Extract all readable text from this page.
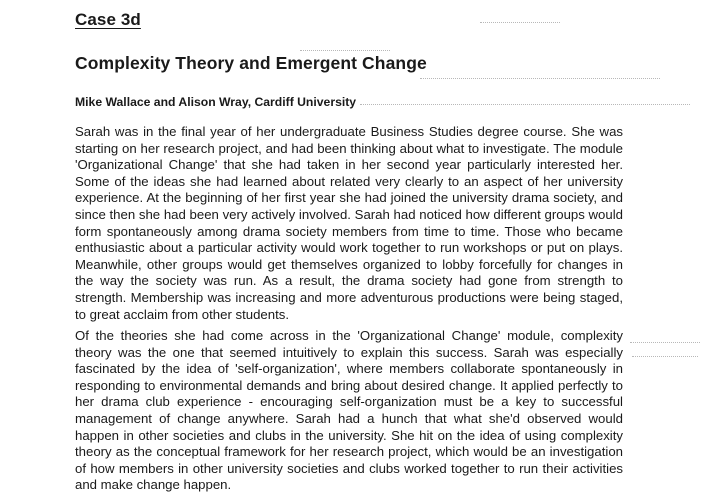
Case 3d
Complexity Theory and Emergent Change
Mike Wallace and Alison Wray, Cardiff University

Sarah was in the final year of her undergraduate Business Studies degree course. She was starting on her research project, and had been thinking about what to investigate. The module 'Organizational Change' that she had taken in her second year particularly interested her. Some of the ideas she had learned about related very clearly to an aspect of her university experience. At the beginning of her first year she had joined the university drama society, and since then she had been very actively involved. Sarah had noticed how different groups would form spontaneously among drama society members from time to time. Those who became enthusiastic about a particular activity would work together to run workshops or put on plays. Meanwhile, other groups would get themselves organized to lobby forcefully for changes in the way the society was run. As a result, the drama society had gone from strength to strength. Membership was increasing and more adventurous productions were being staged, to great acclaim from other students.

Of the theories she had come across in the 'Organizational Change' module, complexity theory was the one that seemed intuitively to explain this success. Sarah was especially fascinated by the idea of 'self-organization', where members collaborate spontaneously in responding to environmental demands and bring about desired change. It applied perfectly to her drama club experience - encouraging self-organization must be a key to successful management of change anywhere. Sarah had a hunch that what she'd observed would happen in other societies and clubs in the university. She hit on the idea of using complexity theory as the conceptual framework for her research project, which would be an investigation of how members in other university societies and clubs worked together to run their activities and make change happen.
